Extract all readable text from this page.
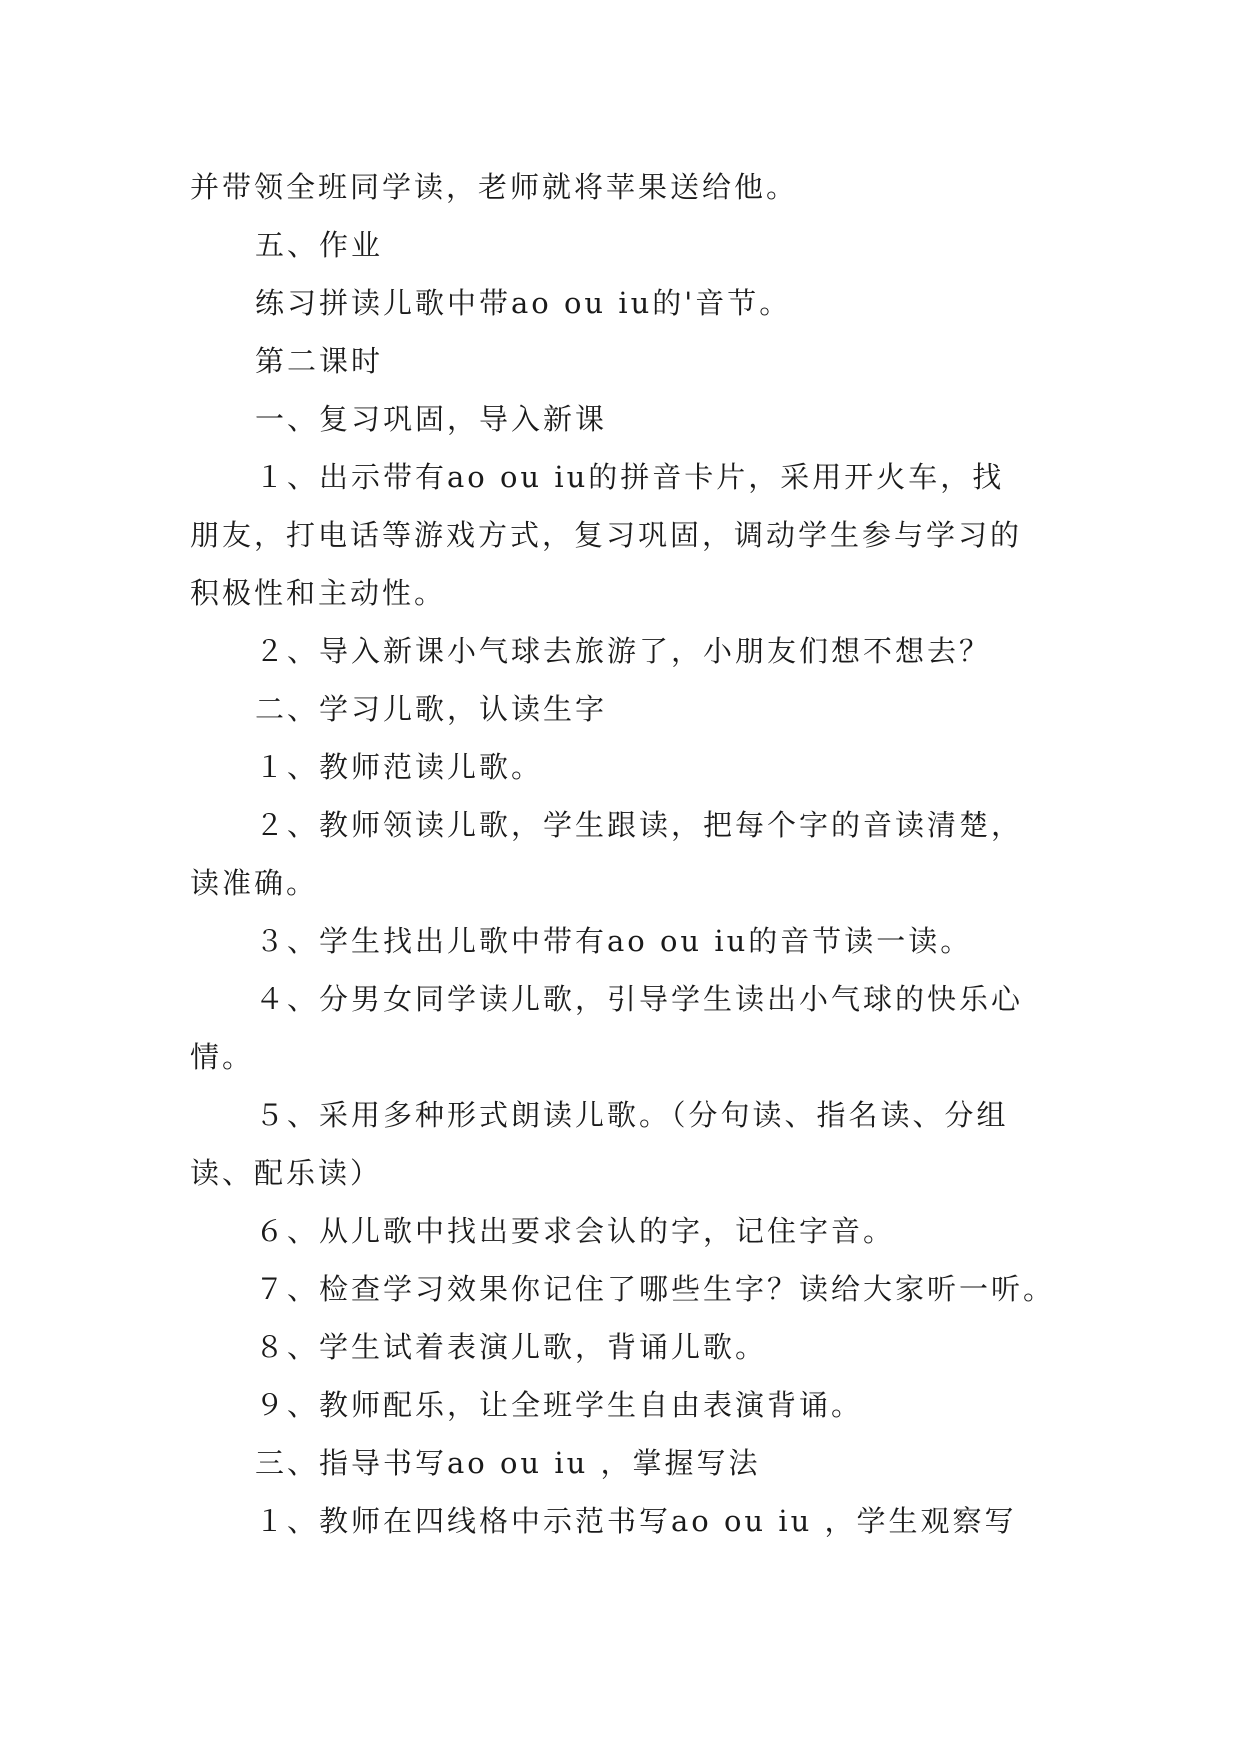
并带领全班同学读，老师就将苹果送给他。
五、作业
练习拼读儿歌中带ao ou iu的'音节。
第二课时
一、复习巩固，导入新课
１、出示带有ao ou iu的拼音卡片，采用开火车，找
朋友，打电话等游戏方式，复习巩固，调动学生参与学习的
积极性和主动性。
２、导入新课小气球去旅游了，小朋友们想不想去？
二、学习儿歌，认读生字
１、教师范读儿歌。
２、教师领读儿歌，学生跟读，把每个字的音读清楚，
读准确。
３、学生找出儿歌中带有ao ou iu的音节读一读。
４、分男女同学读儿歌，引导学生读出小气球的快乐心
情。
５、采用多种形式朗读儿歌。（分句读、指名读、分组
读、配乐读）
６、从儿歌中找出要求会认的字，记住字音。
７、检查学习效果你记住了哪些生字？读给大家听一听。
８、学生试着表演儿歌，背诵儿歌。
９、教师配乐，让全班学生自由表演背诵。
三、指导书写ao ou iu ，掌握写法
１、教师在四线格中示范书写ao ou iu ，学生观察写
